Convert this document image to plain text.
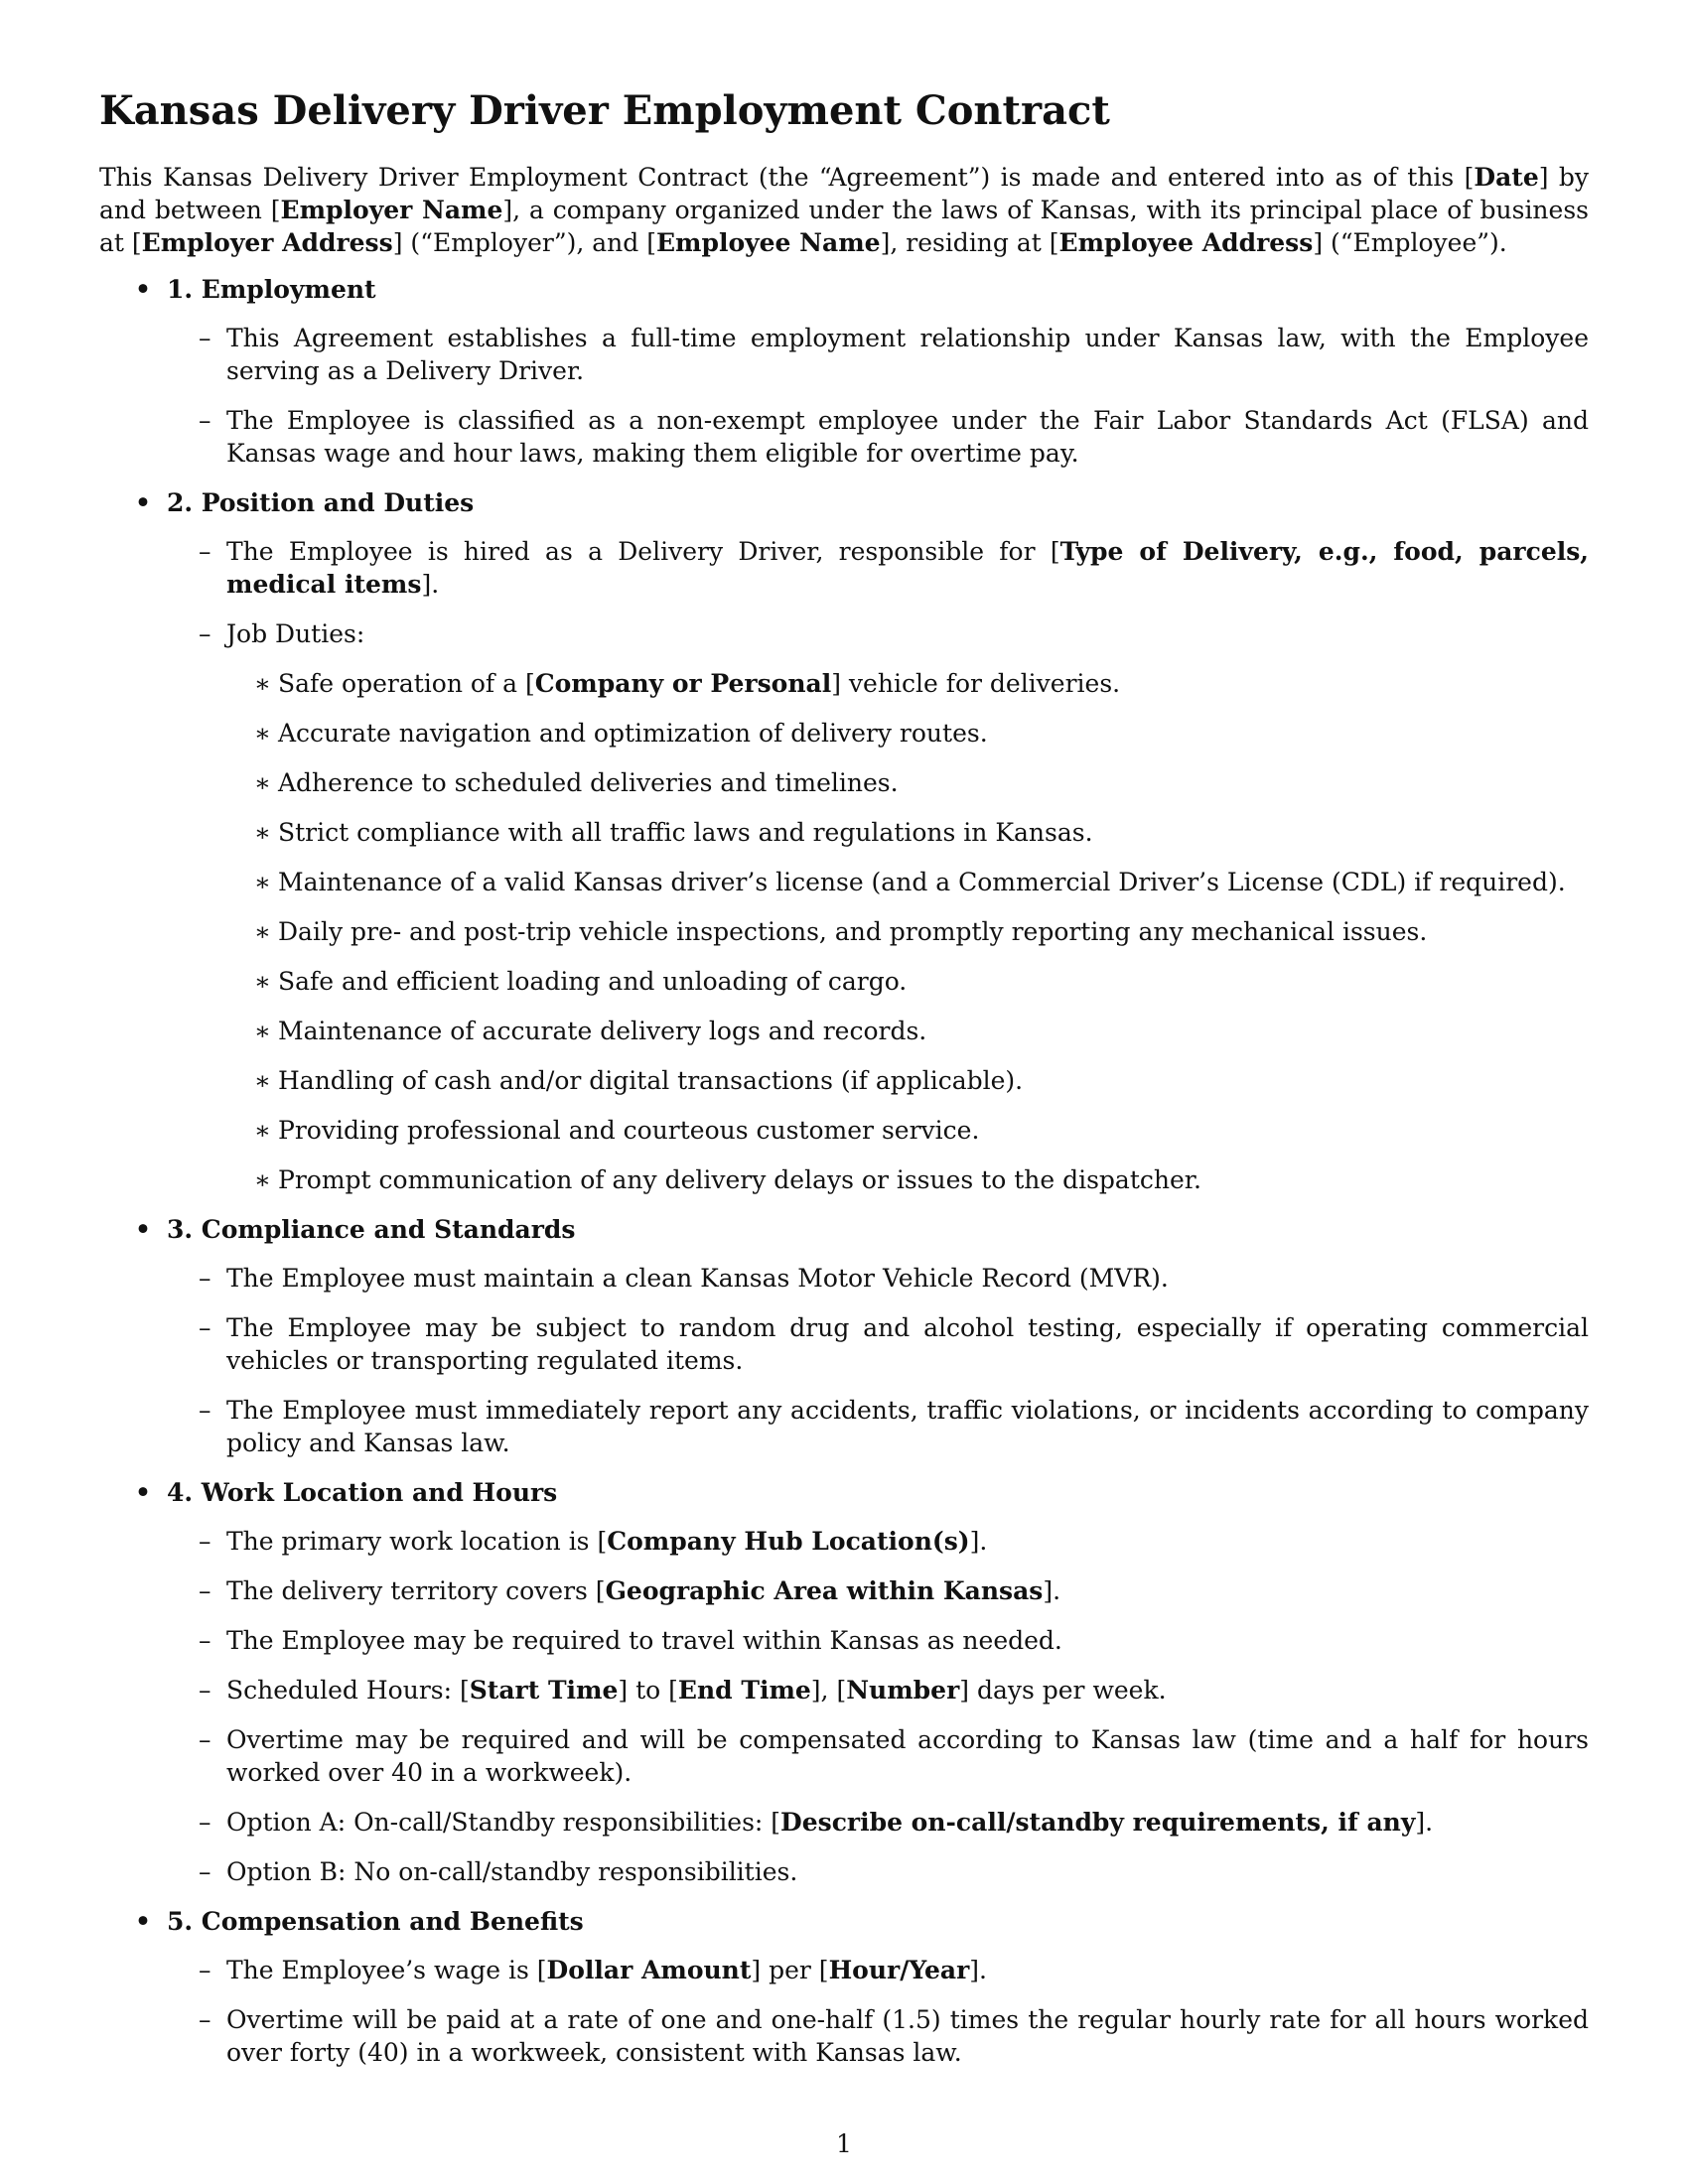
Kansas Delivery Driver Employment Contract

This Kansas Delivery Driver Employment Contract (the “Agreement”) is made and entered into as of this [Date] by and between [Employer Name], a company organized under the laws of Kansas, with its principal place of business at [Employer Address] (“Employer”), and [Employee Name], residing at [Employee Address] (“Employee”).

• 1. Employment
– This Agreement establishes a full-time employment relationship under Kansas law, with the Employee serving as a Delivery Driver.
– The Employee is classified as a non-exempt employee under the Fair Labor Standards Act (FLSA) and Kansas wage and hour laws, making them eligible for overtime pay.
• 2. Position and Duties
– The Employee is hired as a Delivery Driver, responsible for [Type of Delivery, e.g., food, parcels, medical items].
– Job Duties:
∗ Safe operation of a [Company or Personal] vehicle for deliveries.
∗ Accurate navigation and optimization of delivery routes.
∗ Adherence to scheduled deliveries and timelines.
∗ Strict compliance with all traffic laws and regulations in Kansas.
∗ Maintenance of a valid Kansas driver’s license (and a Commercial Driver’s License (CDL) if required).
∗ Daily pre- and post-trip vehicle inspections, and promptly reporting any mechanical issues.
∗ Safe and efficient loading and unloading of cargo.
∗ Maintenance of accurate delivery logs and records.
∗ Handling of cash and/or digital transactions (if applicable).
∗ Providing professional and courteous customer service.
∗ Prompt communication of any delivery delays or issues to the dispatcher.
• 3. Compliance and Standards
– The Employee must maintain a clean Kansas Motor Vehicle Record (MVR).
– The Employee may be subject to random drug and alcohol testing, especially if operating commercial vehicles or transporting regulated items.
– The Employee must immediately report any accidents, traffic violations, or incidents according to company policy and Kansas law.
• 4. Work Location and Hours
– The primary work location is [Company Hub Location(s)].
– The delivery territory covers [Geographic Area within Kansas].
– The Employee may be required to travel within Kansas as needed.
– Scheduled Hours: [Start Time] to [End Time], [Number] days per week.
– Overtime may be required and will be compensated according to Kansas law (time and a half for hours worked over 40 in a workweek).
– Option A: On-call/Standby responsibilities: [Describe on-call/standby requirements, if any].
– Option B: No on-call/standby responsibilities.
• 5. Compensation and Benefits
– The Employee’s wage is [Dollar Amount] per [Hour/Year].
– Overtime will be paid at a rate of one and one-half (1.5) times the regular hourly rate for all hours worked over forty (40) in a workweek, consistent with Kansas law.
1
